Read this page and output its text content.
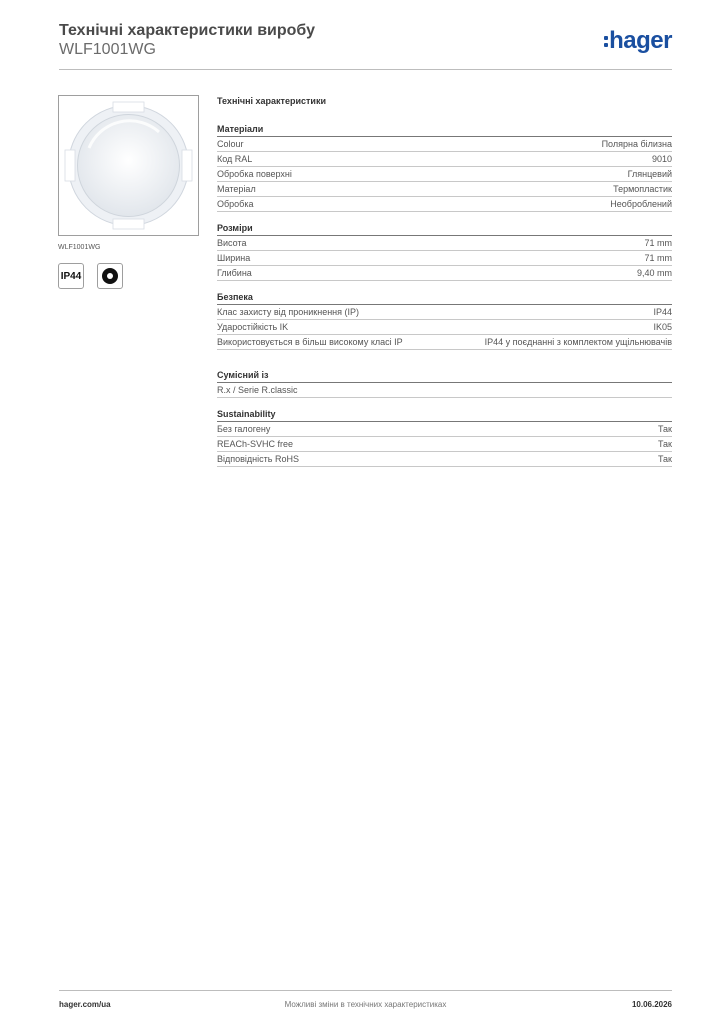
Технічні характеристики виробу
WLF1001WG	hager
WLF1001WG
IP44
Технічні характеристики
Матеріали
Colour	Полярна білизна
Код RAL	9010
Обробка поверхні	Глянцевий
Матеріал	Термопластик
Обробка	Необроблений
Розміри
Висота	71 mm
Ширина	71 mm
Глибина	9,40 mm
Безпека
Клас захисту від проникнення (IP)	IP44
Ударостійкість IK	IK05
Використовується в більш високому класі IP	IP44 у поєднанні з комплектом ущільнювачів
Сумісний із
R.x / Serie R.classic
Sustainability
Без галогену	Так
REACh-SVHC free	Так
Відповідність RoHS	Так
hager.com/ua	Можливі зміни в технічних характеристиках	10.06.2026
